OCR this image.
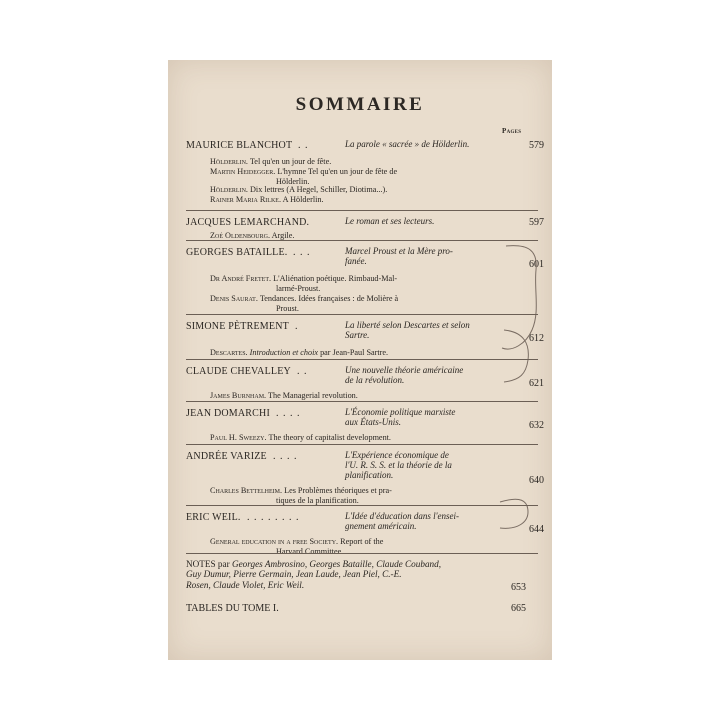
SOMMAIRE
Pages
MAURICE BLANCHOT . .	La parole « sacrée » de Hölderlin.	579
Hölderlin. Tel qu'en un jour de fête.
Martin Heidegger. L'hymne Tel qu'en un jour de fête de
Hölderlin.
Hölderlin. Dix lettres (A Hegel, Schiller, Diotima...).
Rainer Maria Rilke. A Hölderlin.
JACQUES LEMARCHAND.	Le roman et ses lecteurs.	597
Zoé Oldenbourg. Argile.
GEORGES BATAILLE. . . .	Marcel Proust et la Mère pro-
fanée.	601
Dr André Fretet. L'Aliénation poétique. Rimbaud-Mal-
larmé-Proust.
Denis Saurat. Tendances. Idées françaises : de Molière à
Proust.
SIMONE PÈTREMENT .	La liberté selon Descartes et selon
Sartre.	612
Descartes. Introduction et choix par Jean-Paul Sartre.
CLAUDE CHEVALLEY . .	Une nouvelle théorie américaine
de la révolution.	621
James Burnham. The Managerial revolution.
JEAN DOMARCHI . . . .	L'Économie politique marxiste
aux États-Unis.	632
Paul H. Sweezy. The theory of capitalist development.
ANDRÉE VARIZE . . . .	L'Expérience économique de
l'U. R. S. S. et la théorie de la
planification.	640
Charles Bettelheim. Les Problèmes théoriques et pra-
tiques de la planification.
ERIC WEIL. . . . . . . . .	L'Idée d'éducation dans l'ensei-
gnement américain.	644
General education in a free Society. Report of the
Harvard Committee.
NOTES par Georges Ambrosino, Georges Bataille, Claude Couband,
Guy Dumur, Pierre Germain, Jean Laude, Jean Piel, C.-E.
Rosen, Claude Violet, Eric Weil.	653
TABLES DU TOME I.	665
